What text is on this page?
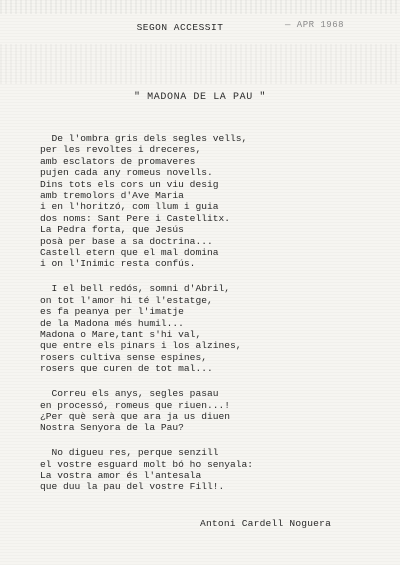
SEGON ACCESSIT	— APR 1968
" MADONA DE LA PAU "
De l'ombra gris dels segles vells,
per les revoltes i dreceres,
amb esclators de promaveres
pujen cada any romeus novells.
Dins tots els cors un viu desig
amb tremolors d'Ave Maria
i en l'horitzó, com llum i guia
dos noms: Sant Pere i Castellitx.
La Pedra forta, que Jesús
posà per base a sa doctrina...
Castell etern que el mal domina
i on l'Inimic resta confús.
I el bell redós, somni d'Abril,
on tot l'amor hi té l'estatge,
es fa peanya per l'imatje
de la Madona més humil...
Madona o Mare,tant s'hi val,
que entre els pinars i los alzines,
rosers cultiva sense espines,
rosers que curen de tot mal...
Correu els anys, segles pasau
en processó, romeus que riuen...!
¿Per què serà que ara ja us diuen
Nostra Senyora de la Pau?
No digueu res, perque senzill
el vostre esguard molt bó ho senyala:
La vostra amor és l'antesala
que duu la pau del vostre Fill!.
Antoni Cardell Noguera
